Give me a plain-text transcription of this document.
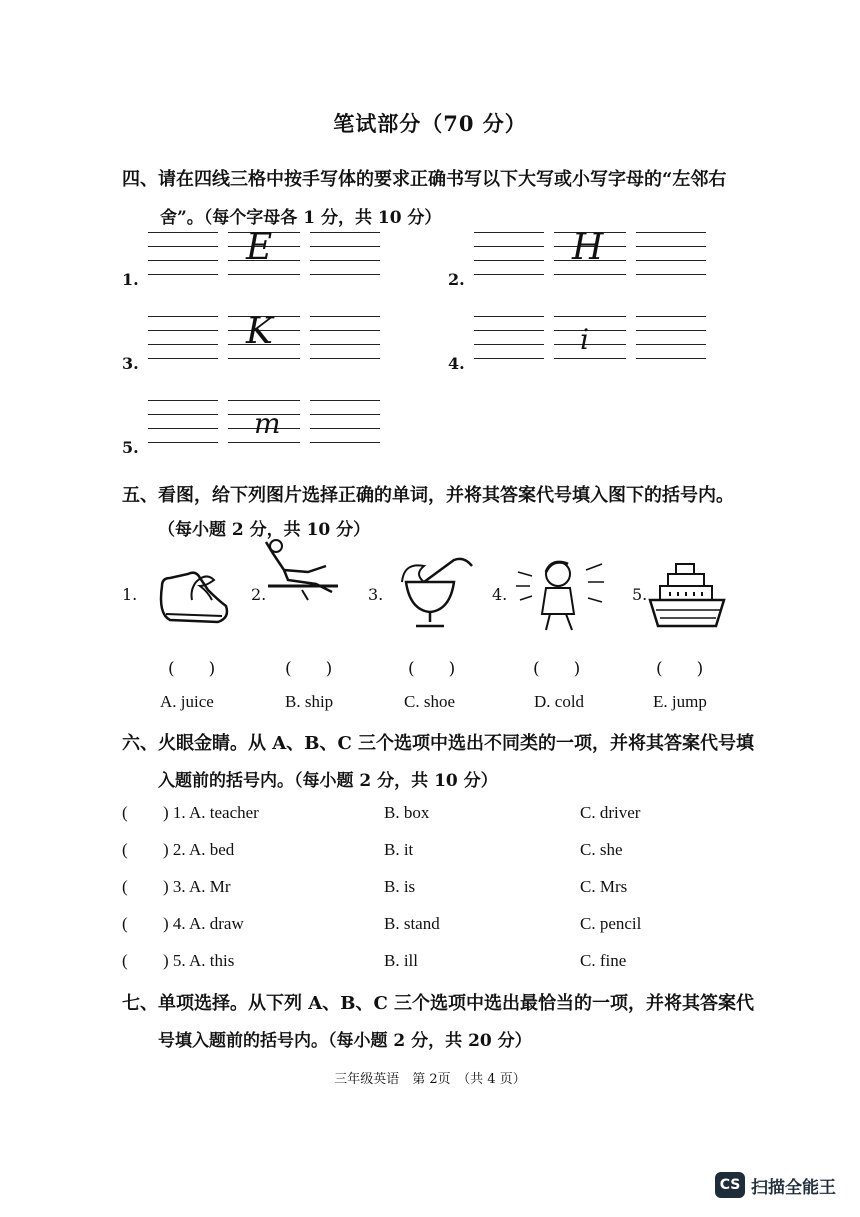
笔试部分（70 分）
四、请在四线三格中按手写体的要求正确书写以下大写或小写字母的“左邻右
舍”。（每个字母各 1 分，共 10 分）
1.
E
2.
H
3.
K
4.
i
5.
m
五、看图，给下列图片选择正确的单词，并将其答案代号填入图下的括号内。
（每小题 2 分，共 10 分）
1.	2.	3.	4.	5.
(　　)	(　　)	(　　)	(　　)	(　　)
A. juice	B. ship	C. shoe	D. cold	E. jump
六、火眼金睛。从 A、B、C 三个选项中选出不同类的一项，并将其答案代号填
入题前的括号内。（每小题 2 分，共 10 分）
( ) 1. A. teacher	B. box	C. driver
( ) 2. A. bed	B. it	C. she
( ) 3. A. Mr	B. is	C. Mrs
( ) 4. A. draw	B. stand	C. pencil
( ) 5. A. this	B. ill	C. fine
七、单项选择。从下列 A、B、C 三个选项中选出最恰当的一项，并将其答案代
号填入题前的括号内。（每小题 2 分，共 20 分）
三年级英语　第 2页　（共 4 页）
CS 扫描全能王
